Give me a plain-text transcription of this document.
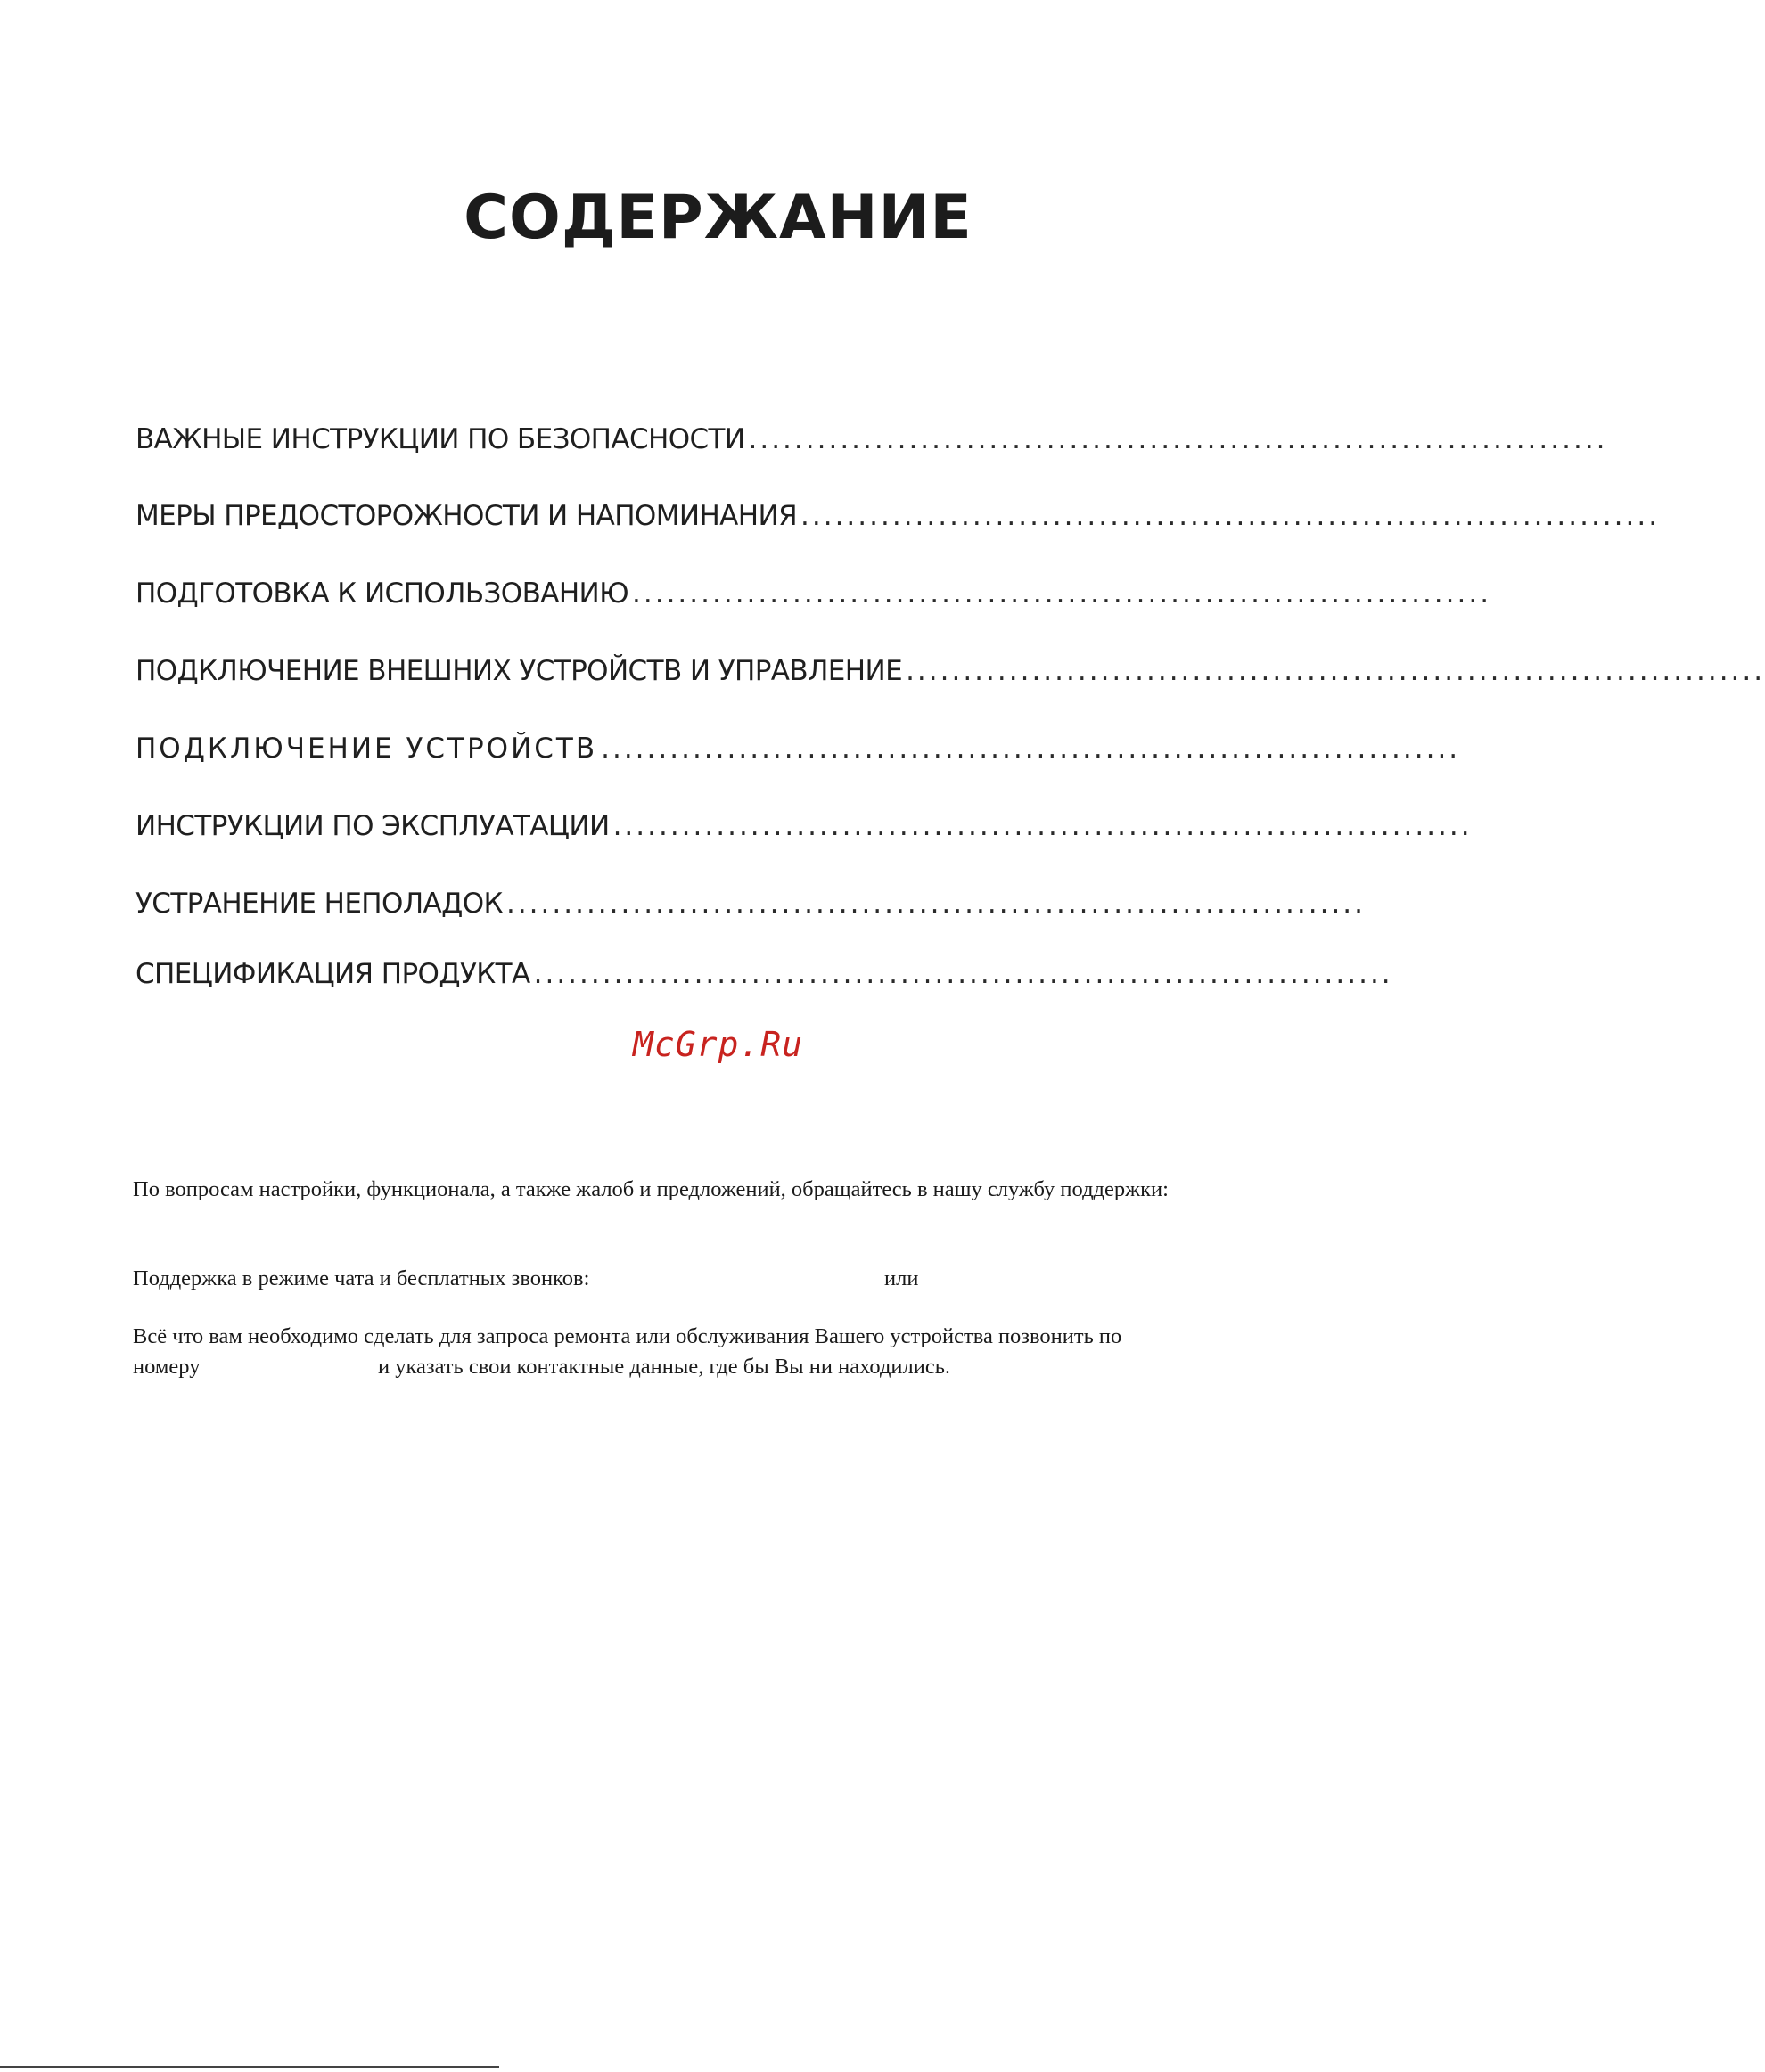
СОДЕРЖАНИЕ
ВАЖНЫЕ ИНСТРУКЦИИ ПО БЕЗОПАСНОСТИ ...........................................................................
МЕРЫ ПРЕДОСТОРОЖНОСТИ И НАПОМИНАНИЯ ...........................................................................
ПОДГОТОВКА К ИСПОЛЬЗОВАНИЮ ...........................................................................
ПОДКЛЮЧЕНИЕ ВНЕШНИХ УСТРОЙСТВ И УПРАВЛЕНИЕ ...........................................................................
ПОДКЛЮЧЕНИЕ УСТРОЙСТВ ...........................................................................
ИНСТРУКЦИИ ПО ЭКСПЛУАТАЦИИ ...........................................................................
УСТРАНЕНИЕ НЕПОЛАДОК ...........................................................................
СПЕЦИФИКАЦИЯ ПРОДУКТА ...........................................................................
McGrp.Ru

По вопросам настройки, функционала, а также жалоб и предложений, обращайтесь в нашу службу поддержки:

Поддержка в режиме чата и бесплатных звонков:	или

Всё что вам необходимо сделать для запроса ремонта или обслуживания Вашего устройства позвонить по
номеру	и указать свои контактные данные, где бы Вы ни находились.
